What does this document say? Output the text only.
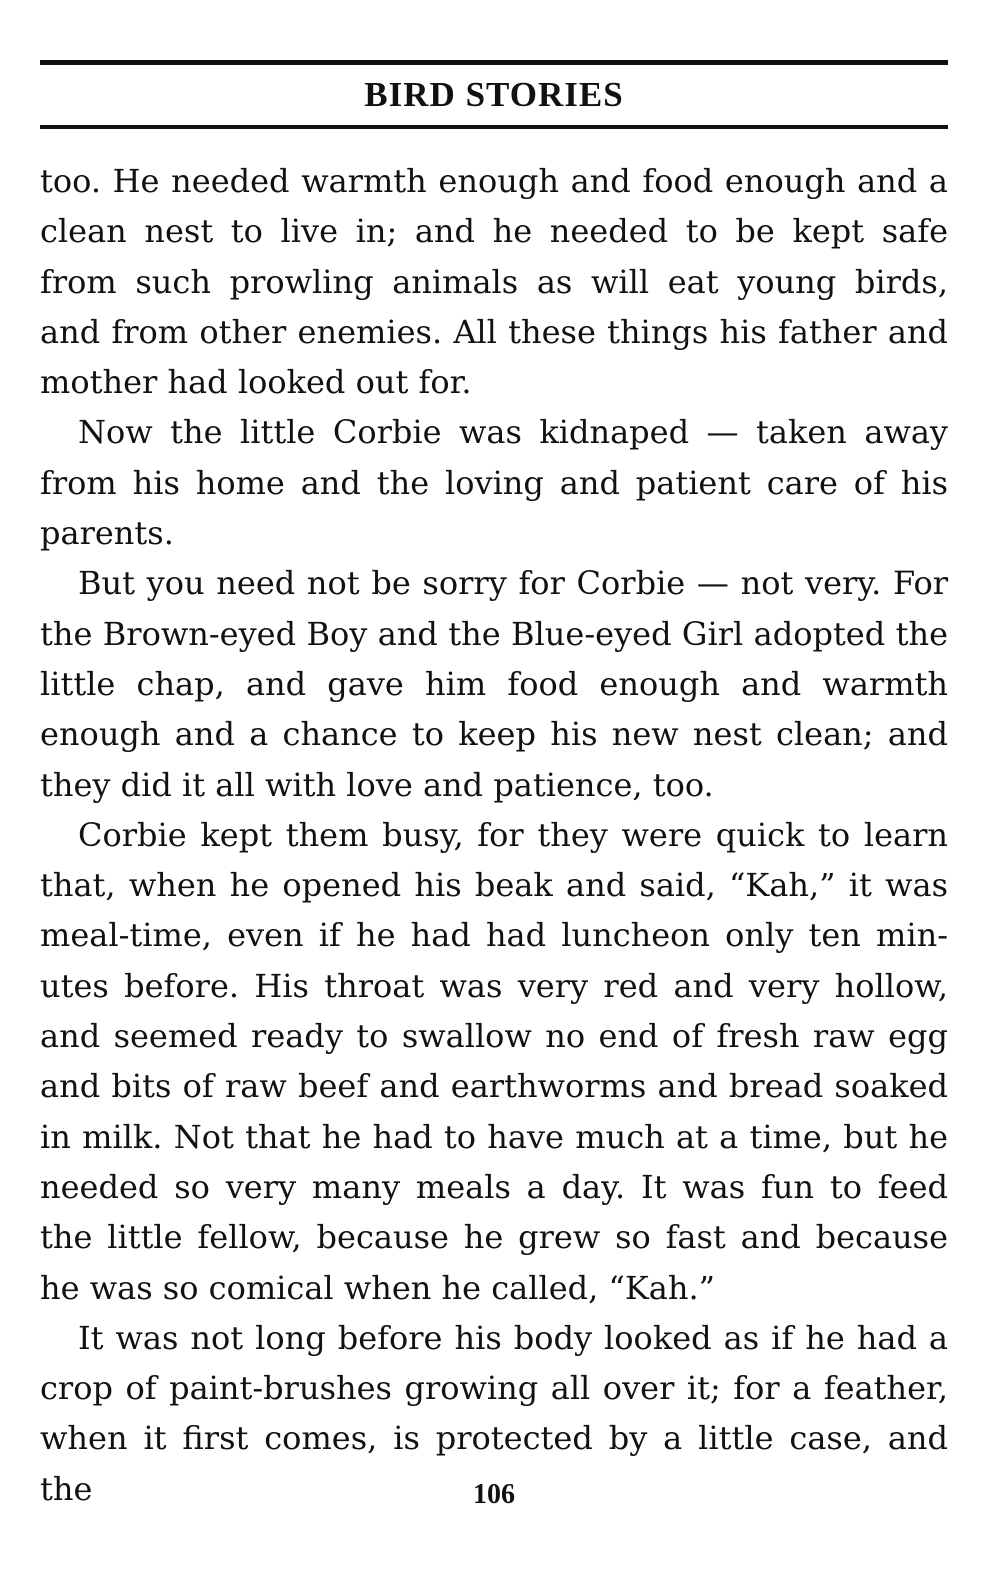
BIRD STORIES

too. He needed warmth enough and food enough and a clean nest to live in; and he needed to be kept safe from such prowling animals as will eat young birds, and from other enemies. All these things his father and mother had looked out for.

Now the little Corbie was kidnaped — taken away from his home and the loving and patient care of his parents.

But you need not be sorry for Corbie — not very. For the Brown-eyed Boy and the Blue-eyed Girl adopted the little chap, and gave him food enough and warmth enough and a chance to keep his new nest clean; and they did it all with love and patience, too.

Corbie kept them busy, for they were quick to learn that, when he opened his beak and said, “Kah,” it was meal-time, even if he had had luncheon only ten min-utes before. His throat was very red and very hollow, and seemed ready to swallow no end of fresh raw egg and bits of raw beef and earthworms and bread soaked in milk. Not that he had to have much at a time, but he needed so very many meals a day. It was fun to feed the little fellow, because he grew so fast and because he was so comical when he called, “Kah.”

It was not long before his body looked as if he had a crop of paint-brushes growing all over it; for a feather, when it first comes, is protected by a little case, and the	106
